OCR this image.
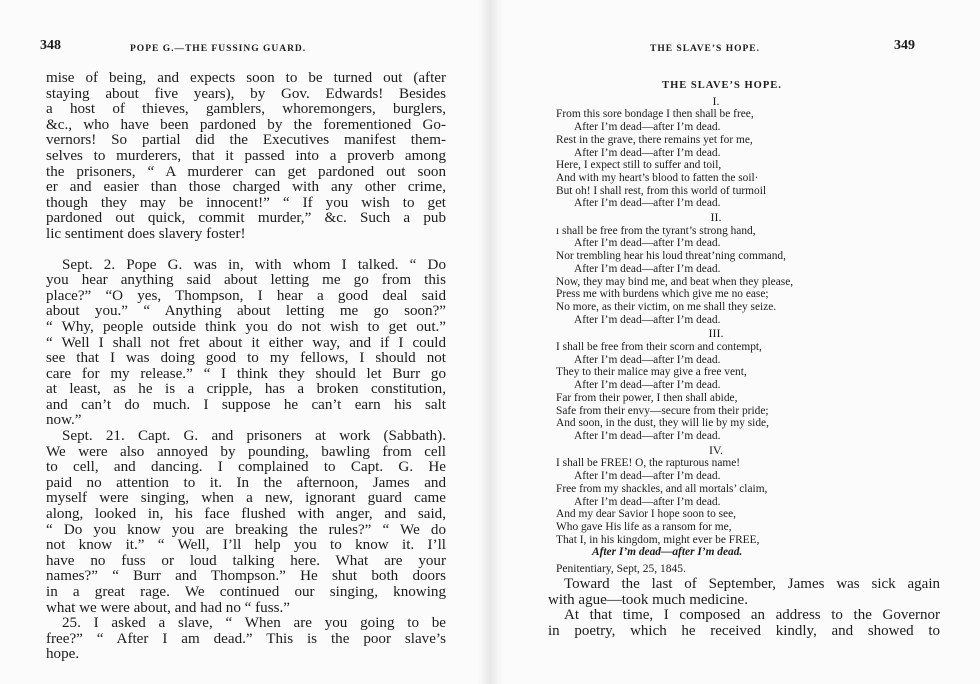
348	POPE G.—THE FUSSING GUARD.

mise of being, and expects soon to be turned out (after
staying about five years), by Gov. Edwards! Besides
a host of thieves, gamblers, whoremongers, burglers,
&c., who have been pardoned by the forementioned Go-
vernors! So partial did the Executives manifest them-
selves to murderers, that it passed into a proverb among
the prisoners, “ A murderer can get pardoned out soon
er and easier than those charged with any other crime,
though they may be innocent!” “ If you wish to get
pardoned out quick, commit murder,” &c. Such a pub
lic sentiment does slavery foster!

Sept. 2. Pope G. was in, with whom I talked. “ Do
you hear anything said about letting me go from this
place?” “O yes, Thompson, I hear a good deal said
about you.” “ Anything about letting me go soon?”
“ Why, people outside think you do not wish to get out.”
“ Well I shall not fret about it either way, and if I could
see that I was doing good to my fellows, I should not
care for my release.” “ I think they should let Burr go
at least, as he is a cripple, has a broken constitution,
and can’t do much. I suppose he can’t earn his salt
now.”

Sept. 21. Capt. G. and prisoners at work (Sabbath).
We were also annoyed by pounding, bawling from cell
to cell, and dancing. I complained to Capt. G. He
paid no attention to it. In the afternoon, James and
myself were singing, when a new, ignorant guard came
along, looked in, his face flushed with anger, and said,
“ Do you know you are breaking the rules?” “ We do
not know it.” “ Well, I’ll help you to know it. I’ll
have no fuss or loud talking here. What are your
names?” “ Burr and Thompson.” He shut both doors
in a great rage. We continued our singing, knowing
what we were about, and had no “ fuss.”

25. I asked a slave, “ When are you going to be
free?” “ After I am dead.” This is the poor slave’s
hope.

THE SLAVE’S HOPE.	349
THE SLAVE’S HOPE.
I.
From this sore bondage I then shall be free,
After I’m dead—after I’m dead.
Rest in the grave, there remains yet for me,
After I’m dead—after I’m dead.
Here, I expect still to suffer and toil,
And with my heart’s blood to fatten the soil·
But oh! I shall rest, from this world of turmoil
After I’m dead—after I’m dead.
II.
ı shall be free from the tyrant’s strong hand,
After I’m dead—after I’m dead.
Nor trembling hear his loud threat’ning command,
After I’m dead—after I’m dead.
Now, they may bind me, and beat when they please,
Press me with burdens which give me no ease;
No more, as their victim, on me shall they seize.
After I’m dead—after I’m dead.
III.
I shall be free from their scorn and contempt,
After I’m dead—after I’m dead.
They to their malice may give a free vent,
After I’m dead—after I’m dead.
Far from their power, I then shall abide,
Safe from their envy—secure from their pride;
And soon, in the dust, they will lie by my side,
After I’m dead—after I’m dead.
IV.
I shall be FREE! O, the rapturous name!
After I’m dead—after I’m dead.
Free from my shackles, and all mortals’ claim,
After I’m dead—after I’m dead.
And my dear Savior I hope soon to see,
Who gave His life as a ransom for me,
That I, in his kingdom, might ever be FREE,
After I’m dead—after I’m dead.
Penitentiary, Sept, 25, 1845.

Toward the last of September, James was sick again
with ague—took much medicine.

At that time, I composed an address to the Governor
in poetry, which he received kindly, and showed to
